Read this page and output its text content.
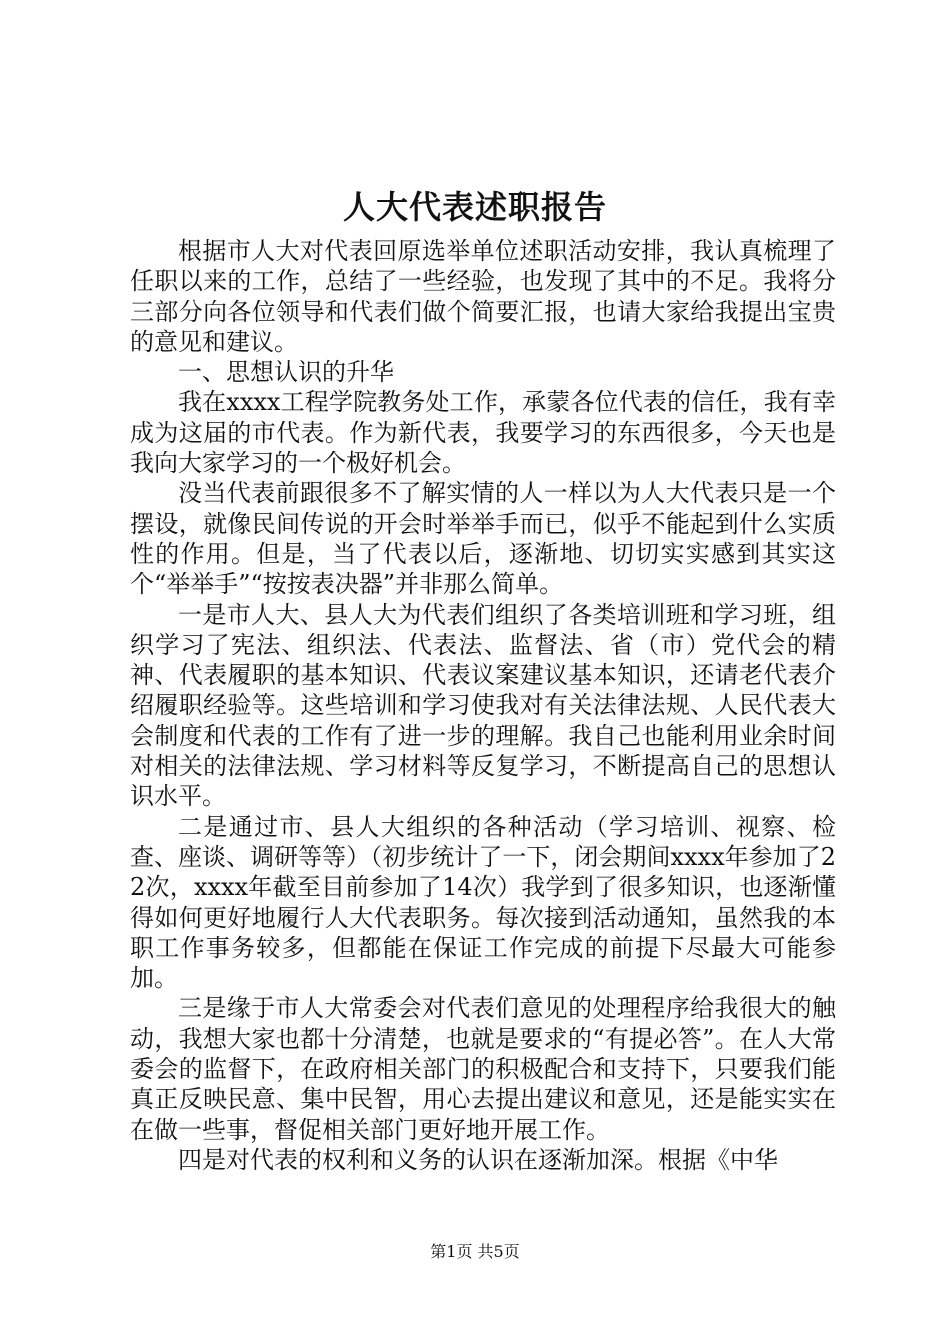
人大代表述职报告

根据市人大对代表回原选举单位述职活动安排，我认真梳理了任职以来的工作，总结了一些经验，也发现了其中的不足。我将分三部分向各位领导和代表们做个简要汇报，也请大家给我提出宝贵的意见和建议。

一、思想认识的升华

我在xxxx工程学院教务处工作，承蒙各位代表的信任，我有幸成为这届的市代表。作为新代表，我要学习的东西很多，今天也是我向大家学习的一个极好机会。

没当代表前跟很多不了解实情的人一样以为人大代表只是一个摆设，就像民间传说的开会时举举手而已，似乎不能起到什么实质性的作用。但是，当了代表以后，逐渐地、切切实实感到其实这个“举举手”“按按表决器”并非那么简单。

一是市人大、县人大为代表们组织了各类培训班和学习班，组织学习了宪法、组织法、代表法、监督法、省（市）党代会的精神、代表履职的基本知识、代表议案建议基本知识，还请老代表介绍履职经验等。这些培训和学习使我对有关法律法规、人民代表大会制度和代表的工作有了进一步的理解。我自己也能利用业余时间对相关的法律法规、学习材料等反复学习，不断提高自己的思想认识水平。

二是通过市、县人大组织的各种活动（学习培训、视察、检查、座谈、调研等等）（初步统计了一下，闭会期间xxxx年参加了22次，xxxx年截至目前参加了14次）我学到了很多知识，也逐渐懂得如何更好地履行人大代表职务。每次接到活动通知，虽然我的本职工作事务较多，但都能在保证工作完成的前提下尽最大可能参加。

三是缘于市人大常委会对代表们意见的处理程序给我很大的触动，我想大家也都十分清楚，也就是要求的“有提必答”。在人大常委会的监督下，在政府相关部门的积极配合和支持下，只要我们能真正反映民意、集中民智，用心去提出建议和意见，还是能实实在在做一些事，督促相关部门更好地开展工作。

四是对代表的权利和义务的认识在逐渐加深。根据《中华

第1页 共5页
